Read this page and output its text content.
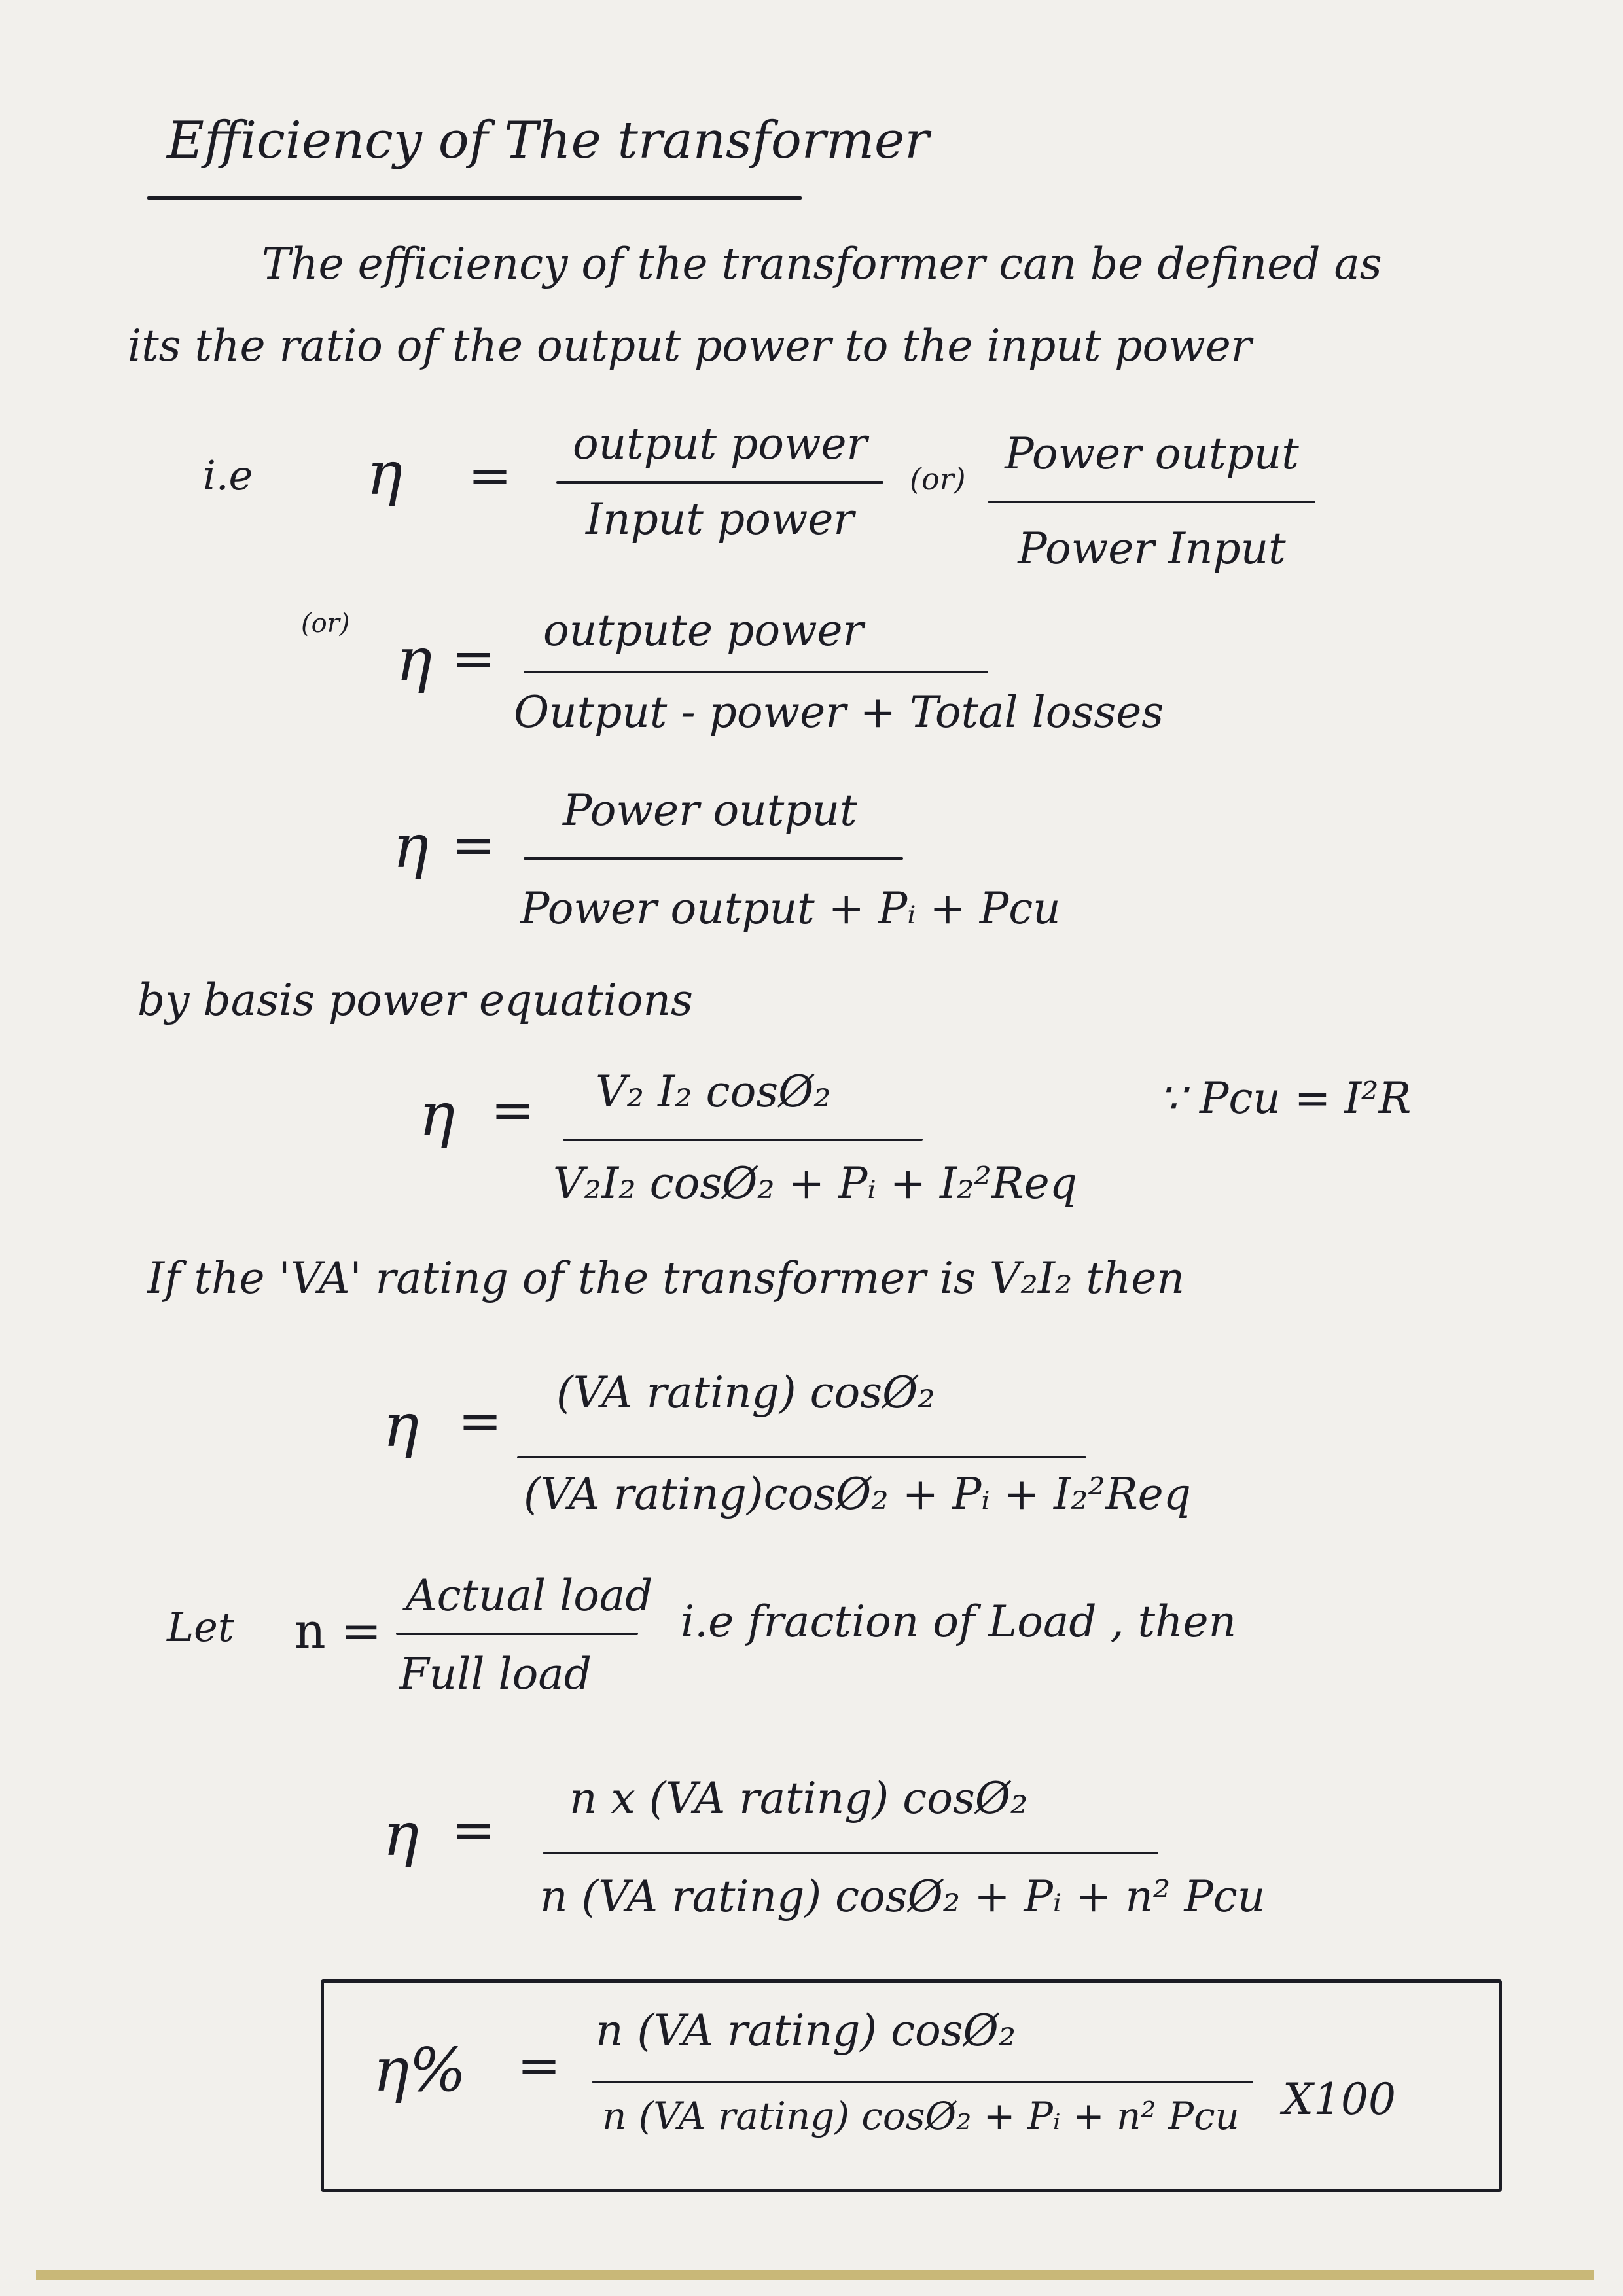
Efficiency of The transformer
The efficiency of the transformer can be defined as
its the ratio of the output power to the input power
i.e η =
output power
Input power
(or) Power output
Power Input
(or)
η = outpute power
Output - power + Total losses
η =
Power output
Power output + Pᵢ + Pcu
by basis power equations
η = V₂ I₂ cosØ₂
V₂I₂ cosØ₂ + Pᵢ + I₂²Req
∵ Pcu = I²R
If the 'VA' rating of the transformer is V₂I₂ then
η = (VA rating) cosØ₂
(VA rating)cosØ₂ + Pᵢ + I₂²Req
Let n =
Actual load
Full load
i.e fraction of Load , then
η =
n x (VA rating) cosØ₂
n (VA rating) cosØ₂ + Pᵢ + n² Pcu
η% =
n (VA rating) cosØ₂
n (VA rating) cosØ₂ + Pᵢ + n² Pcu X100
